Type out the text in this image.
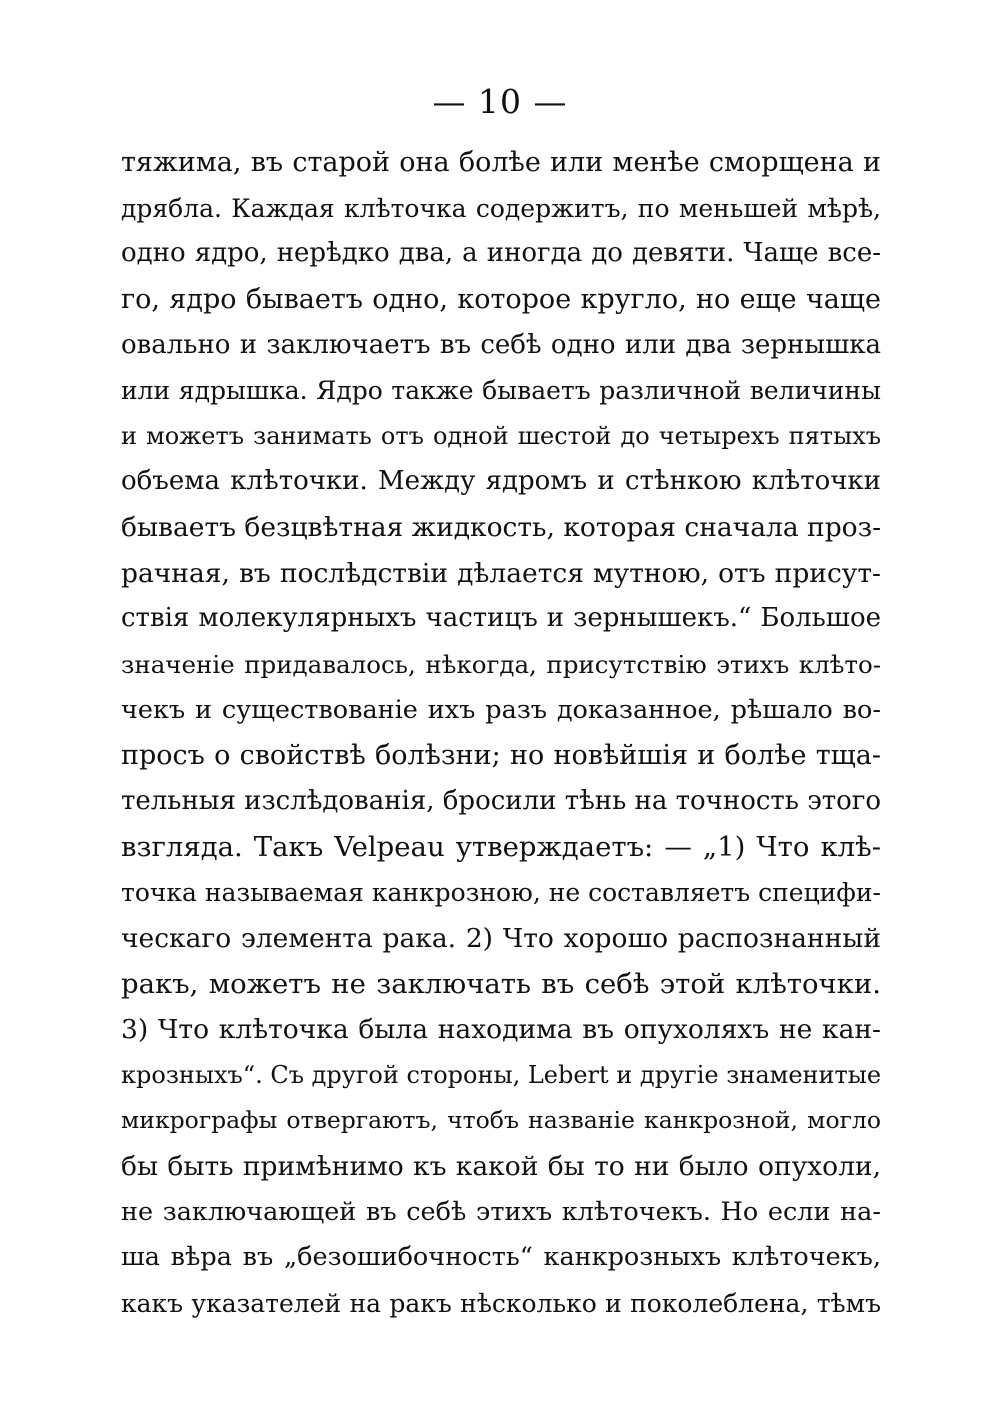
— 10 —
тяжима, въ старой она болѣе или менѣе сморщена и
дрябла. Каждая клѣточка содержитъ, по меньшей мѣрѣ,
одно ядро, нерѣдко два, а иногда до девяти. Чаще все-
го, ядро бываетъ одно, которое кругло, но еще чаще
овально и заключаетъ въ себѣ одно или два зернышка
или ядрышка. Ядро также бываетъ различной величины
и можетъ занимать отъ одной шестой до четырехъ пятыхъ
объема клѣточки. Между ядромъ и стѣнкою клѣточки
бываетъ безцвѣтная жидкость, которая сначала проз-
рачная, въ послѣдствіи дѣлается мутною, отъ присут-
ствія молекулярныхъ частицъ и зернышекъ.“ Большое
значеніе придавалось, нѣкогда, присутствію этихъ клѣто-
чекъ и существованіе ихъ разъ доказанное, рѣшало во-
просъ о свойствѣ болѣзни; но новѣйшія и болѣе тща-
тельныя изслѣдованія, бросили тѣнь на точность этого
взгляда. Такъ Velpeau утверждаетъ: — „1) Что клѣ-
точка называемая канкрозною, не составляетъ специфи-
ческаго элемента рака. 2) Что хорошо распознанный
ракъ, можетъ не заключать въ себѣ этой клѣточки.
3) Что клѣточка была находима въ опухоляхъ не кан-
крозныхъ“. Съ другой стороны, Lebert и другіе знаменитые
микрографы отвергаютъ, чтобъ названіе канкрозной, могло
бы быть примѣнимо къ какой бы то ни было опухоли,
не заключающей въ себѣ этихъ клѣточекъ. Но если на-
ша вѣра въ „безошибочность“ канкрозныхъ клѣточекъ,
какъ указателей на ракъ нѣсколько и поколеблена, тѣмъ
